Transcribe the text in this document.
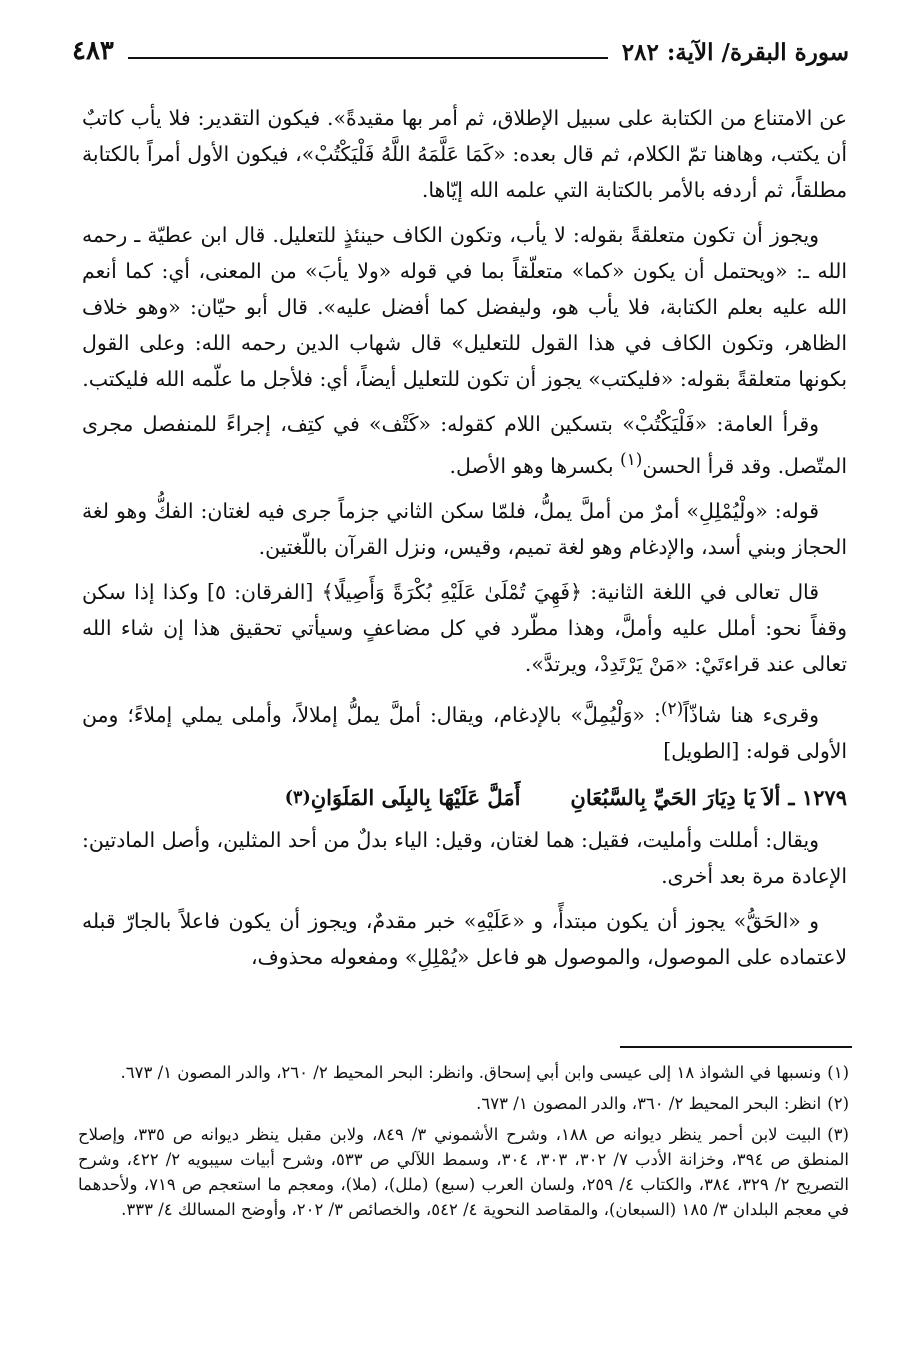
سورة البقرة/ الآية: ٢٨٢
٤٨٣

عن الامتناع من الكتابة على سبيل الإطلاق، ثم أمر بها مقيدةً». فيكون التقدير: فلا يأب كاتبٌ أن يكتب، وهاهنا تمّ الكلام، ثم قال بعده: «كَمَا عَلَّمَهُ اللَّهُ فَلْيَكْتُبْ»، فيكون الأول أمراً بالكتابة مطلقاً، ثم أردفه بالأمر بالكتابة التي علمه الله إيّاها.

ويجوز أن تكون متعلقةً بقوله: لا يأب، وتكون الكاف حينئذٍ للتعليل. قال ابن عطيّة ـ رحمه الله ـ: «ويحتمل أن يكون «كما» متعلّقاً بما في قوله «ولا يأبَ» من المعنى، أي: كما أنعم الله عليه بعلم الكتابة، فلا يأب هو، وليفضل كما أفضل عليه». قال أبو حيّان: «وهو خلاف الظاهر، وتكون الكاف في هذا القول للتعليل» قال شهاب الدين رحمه الله: وعلى القول بكونها متعلقةً بقوله: «فليكتب» يجوز أن تكون للتعليل أيضاً، أي: فلأجل ما علّمه الله فليكتب.

وقرأ العامة: «فَلْيَكْتُبْ» بتسكين اللام كقوله: «كَتْف» في كتِف، إجراءً للمنفصل مجرى المتّصل. وقد قرأ الحسن$^{(١)}$ بكسرها وهو الأصل.

قوله: «ولْيُمْلِلِ» أمرٌ من أملَّ يملُّ، فلمّا سكن الثاني جزماً جرى فيه لغتان: الفكُّ وهو لغة الحجاز وبني أسد، والإدغام وهو لغة تميم، وقيس، ونزل القرآن باللّغتين.

قال تعالى في اللغة الثانية: ﴿فَهِيَ تُمْلَىٰ عَلَيْهِ بُكْرَةً وَأَصِيلًا﴾ [الفرقان: ٥] وكذا إذا سكن وقفاً نحو: أملل عليه وأملَّ، وهذا مطّرد في كل مضاعفٍ وسيأتي تحقيق هذا إن شاء الله تعالى عند قراءتَيْ: «مَنْ يَرْتَدِدْ، ويرتدَّ».

وقرىء هنا شاذّاً$^{(٢)}$: «وَلْيُمِلَّ» بالإدغام، ويقال: أملَّ يملُّ إملالاً، وأملى يملي إملاءً؛ ومن الأولى قوله: [الطويل]

١٢٧٩ ـ
ألاَ يَا دِيَارَ الحَيِّ بِالسَّبُعَانِ
أَمَلَّ عَلَيْهَا بِالبِلَى المَلَوَانِ
(٣)

ويقال: أمللت وأمليت، فقيل: هما لغتان، وقيل: الياء بدلٌ من أحد المثلين، وأصل المادتين: الإعادة مرة بعد أخرى.

و «الحَقُّ» يجوز أن يكون مبتدأً، و «عَلَيْهِ» خبر مقدمٌ، ويجوز أن يكون فاعلاً بالجارّ قبله لاعتماده على الموصول، والموصول هو فاعل «يُمْلِلِ» ومفعوله محذوف،

(١)ونسبها في الشواذ ١٨ إلى عيسى وابن أبي إسحاق. وانظر: البحر المحيط ٢/ ٢٦٠، والدر المصون ١/ ٦٧٣.

(٢)انظر: البحر المحيط ٢/ ٣٦٠، والدر المصون ١/ ٦٧٣.

(٣)البيت لابن أحمر ينظر ديوانه ص ١٨٨، وشرح الأشموني ٣/ ٨٤٩، ولابن مقبل ينظر ديوانه ص ٣٣٥، وإصلاح المنطق ص ٣٩٤، وخزانة الأدب ٧/ ٣٠٢، ٣٠٣، ٣٠٤، وسمط اللآلي ص ٥٣٣، وشرح أبيات سيبويه ٢/ ٤٢٢، وشرح التصريح ٢/ ٣٢٩، ٣٨٤، والكتاب ٤/ ٢٥٩، ولسان العرب (سبع) (ملل)، (ملا)، ومعجم ما استعجم ص ٧١٩، ولأحدهما في معجم البلدان ٣/ ١٨٥ (السبعان)، والمقاصد النحوية ٤/ ٥٤٢، والخصائص ٣/ ٢٠٢، وأوضح المسالك ٤/ ٣٣٣.
